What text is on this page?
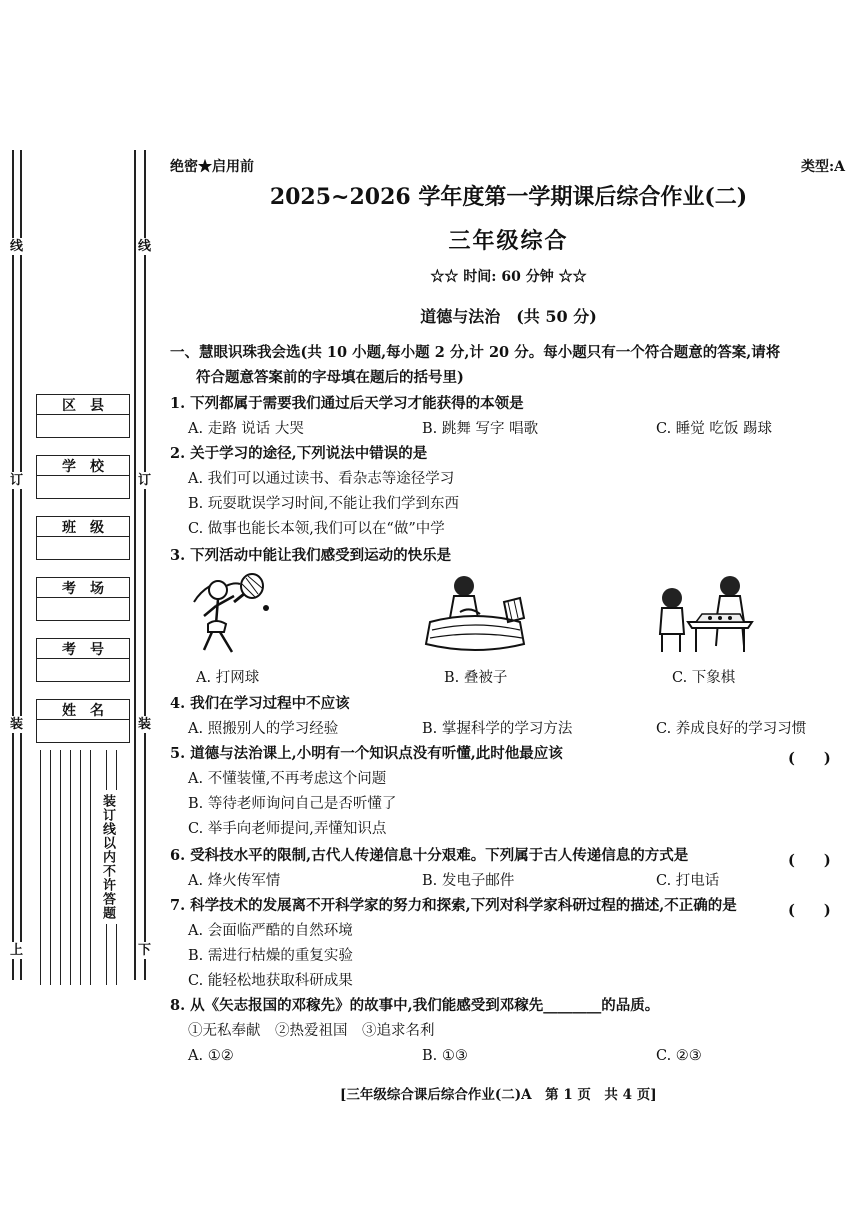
线	线
订	订
装	装
上	下
区县
学校
班级
考场
考号
姓名
装订线以内不许答题
绝密★启用前	类型:A
2025~2026 学年度第一学期课后综合作业(二)
三年级综合
☆☆ 时间: 60 分钟 ☆☆
道德与法治　(共 50 分)
一、慧眼识珠我会选(共 10 小题,每小题 2 分,计 20 分。每小题只有一个符合题意的答案,请将
符合题意答案前的字母填在题后的括号里)
1. 下列都属于需要我们通过后天学习才能获得的本领是
A. 走路 说话 大哭	B. 跳舞 写字 唱歌	C. 睡觉 吃饭 踢球
2. 关于学习的途径,下列说法中错误的是
A. 我们可以通过读书、看杂志等途径学习
B. 玩耍耽误学习时间,不能让我们学到东西
C. 做事也能长本领,我们可以在“做”中学
3. 下列活动中能让我们感受到运动的快乐是
A. 打网球	B. 叠被子	C. 下象棋
4. 我们在学习过程中不应该
A. 照搬别人的学习经验	B. 掌握科学的学习方法	C. 养成良好的学习习惯
5. 道德与法治课上,小明有一个知识点没有听懂,此时他最应该	(　　)
A. 不懂装懂,不再考虑这个问题
B. 等待老师询问自己是否听懂了
C. 举手向老师提问,弄懂知识点
6. 受科技水平的限制,古代人传递信息十分艰难。下列属于古人传递信息的方式是	(　　)
A. 烽火传军情	B. 发电子邮件	C. 打电话
7. 科学技术的发展离不开科学家的努力和探索,下列对科学家科研过程的描述,不正确的是	(　　)
A. 会面临严酷的自然环境
B. 需进行枯燥的重复实验
C. 能轻松地获取科研成果
8. 从《矢志报国的邓稼先》的故事中,我们能感受到邓稼先________的品质。
①无私奉献　②热爱祖国　③追求名利
A. ①②	B. ①③	C. ②③
[三年级综合课后综合作业(二)A　第 1 页　共 4 页]
